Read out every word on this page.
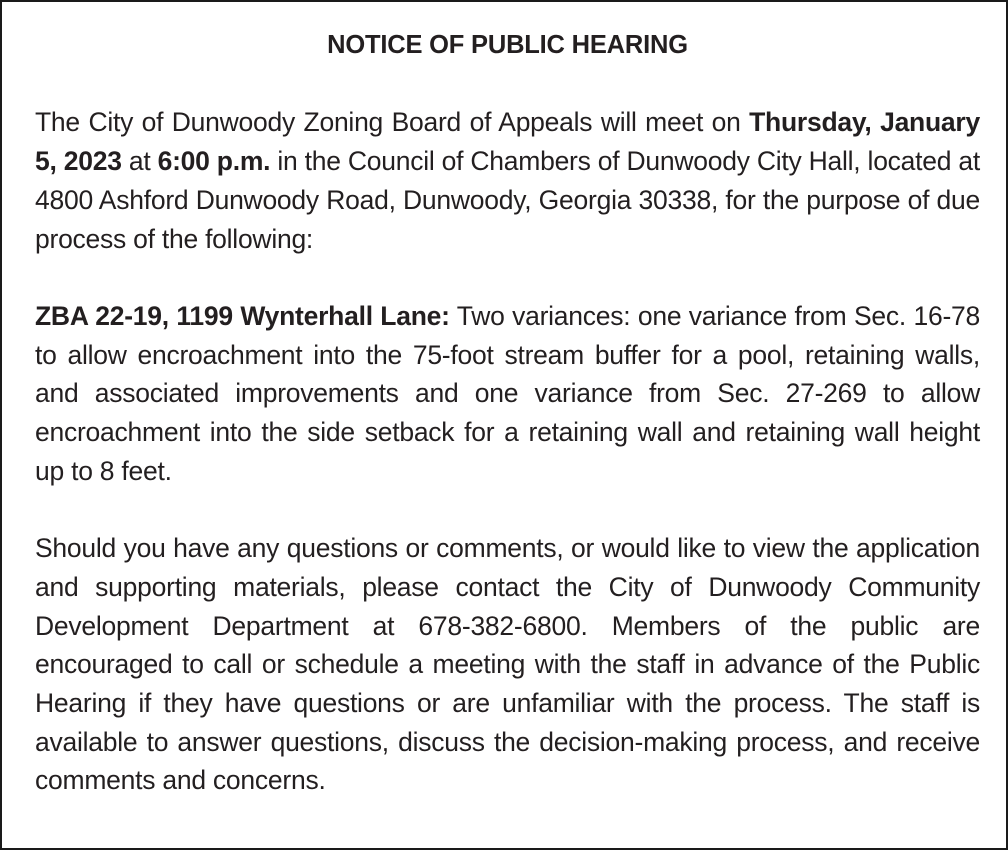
NOTICE OF PUBLIC HEARING

The City of Dunwoody Zoning Board of Appeals will meet on Thursday, January 5, 2023 at 6:00 p.m. in the Council of Chambers of Dunwoody City Hall, located at 4800 Ashford Dunwoody Road, Dunwoody, Georgia 30338, for the purpose of due process of the following:

ZBA 22-19, 1199 Wynterhall Lane: Two variances: one variance from Sec. 16-78 to allow encroachment into the 75-foot stream buffer for a pool, retaining walls, and associated improvements and one variance from Sec. 27-269 to allow encroachment into the side setback for a retaining wall and retaining wall height up to 8 feet.

Should you have any questions or comments, or would like to view the application and supporting materials, please contact the City of Dunwoody Community Development Department at 678-382-6800. Members of the public are encouraged to call or schedule a meeting with the staff in advance of the Public Hearing if they have questions or are unfamiliar with the process. The staff is available to answer questions, discuss the decision-making process, and receive comments and concerns.
